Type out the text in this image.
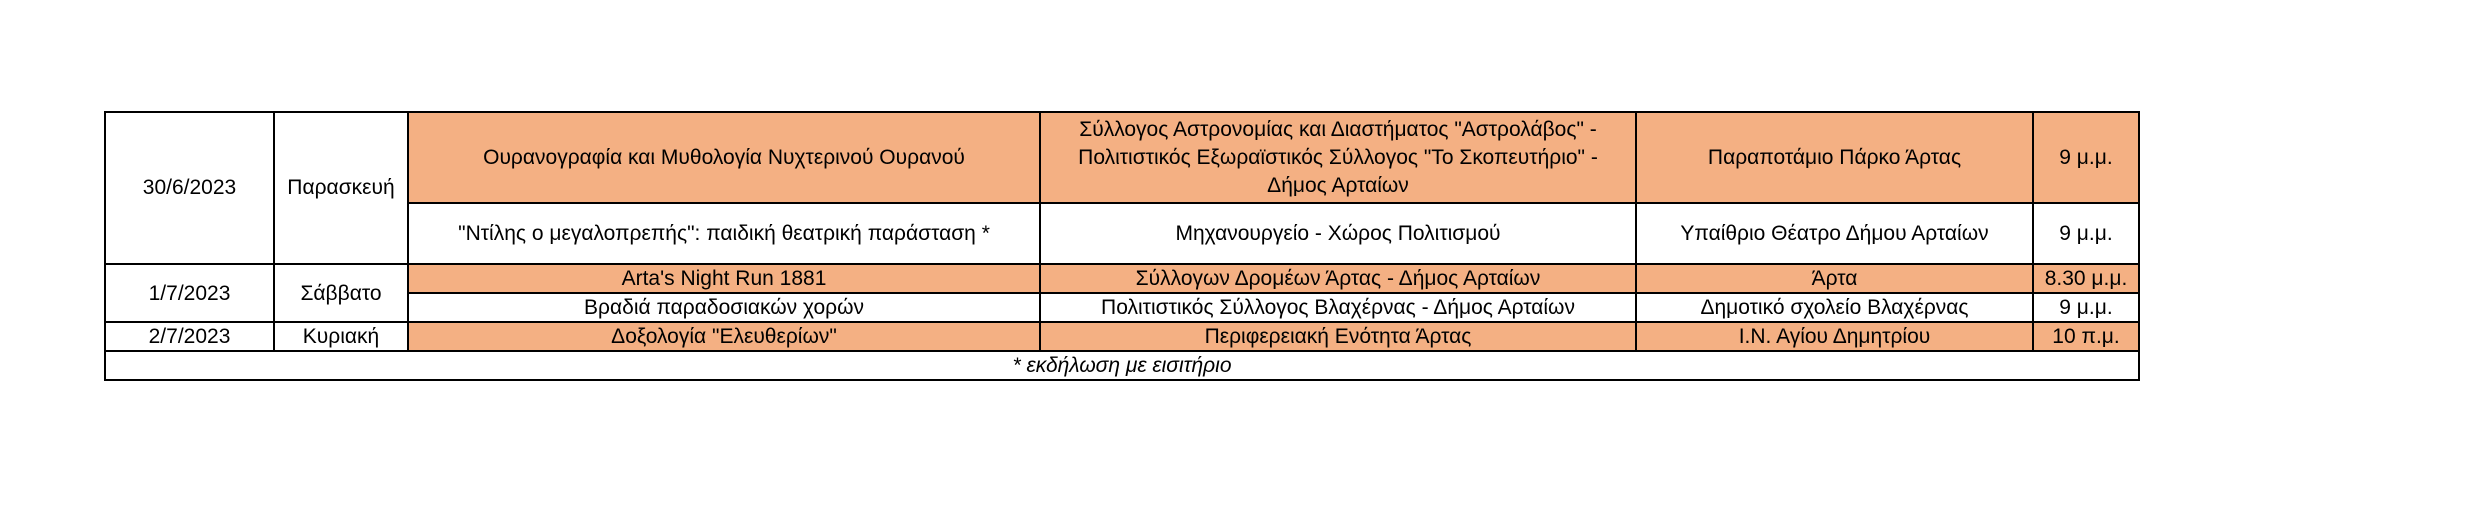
30/6/2023	Παρασκευή	Ουρανογραφία και Μυθολογία Νυχτερινού Ουρανού	Σύλλογος Αστρονομίας και Διαστήματος "Αστρολάβος" -
Πολιτιστικός Εξωραϊστικός Σύλλογος "Το Σκοπευτήριο" -
Δήμος Αρταίων	Παραποτάμιο Πάρκο Άρτας	9 μ.μ.
		"Ντίλης ο μεγαλοπρεπής": παιδική θεατρική παράσταση *	Μηχανουργείο - Χώρος Πολιτισμού	Υπαίθριο Θέατρο Δήμου Αρταίων	9 μ.μ.
1/7/2023	Σάββατο	Arta's Night Run 1881	Σύλλογων Δρομέων Άρτας - Δήμος Αρταίων	Άρτα	8.30 μ.μ.
		Βραδιά παραδοσιακών χορών	Πολιτιστικός Σύλλογος Βλαχέρνας - Δήμος Αρταίων	Δημοτικό σχολείο Βλαχέρνας	9 μ.μ.
2/7/2023	Κυριακή	Δοξολογία "Ελευθερίων"	Περιφερειακή Ενότητα Άρτας	Ι.Ν. Αγίου Δημητρίου	10 π.μ.
* εκδήλωση με εισιτήριο					
